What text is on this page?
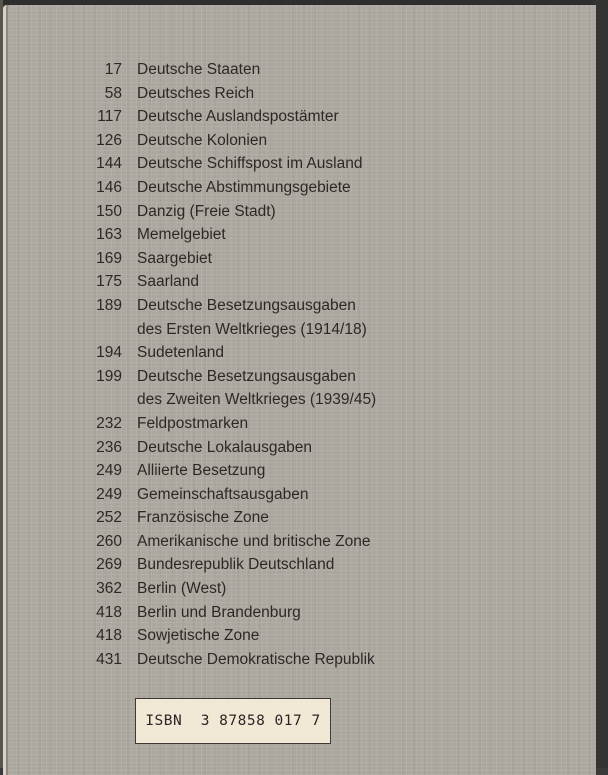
17 Deutsche Staaten
58 Deutsches Reich
117 Deutsche Auslandspostämter
126 Deutsche Kolonien
144 Deutsche Schiffspost im Ausland
146 Deutsche Abstimmungsgebiete
150 Danzig (Freie Stadt)
163 Memelgebiet
169 Saargebiet
175 Saarland
189 Deutsche Besetzungsausgaben
des Ersten Weltkrieges (1914/18)
194 Sudetenland
199 Deutsche Besetzungsausgaben
des Zweiten Weltkrieges (1939/45)
232 Feldpostmarken
236 Deutsche Lokalausgaben
249 Alliierte Besetzung
249 Gemeinschaftsausgaben
252 Französische Zone
260 Amerikanische und britische Zone
269 Bundesrepublik Deutschland
362 Berlin (West)
418 Berlin und Brandenburg
418 Sowjetische Zone
431 Deutsche Demokratische Republik
ISBN  3 87858 017 7
